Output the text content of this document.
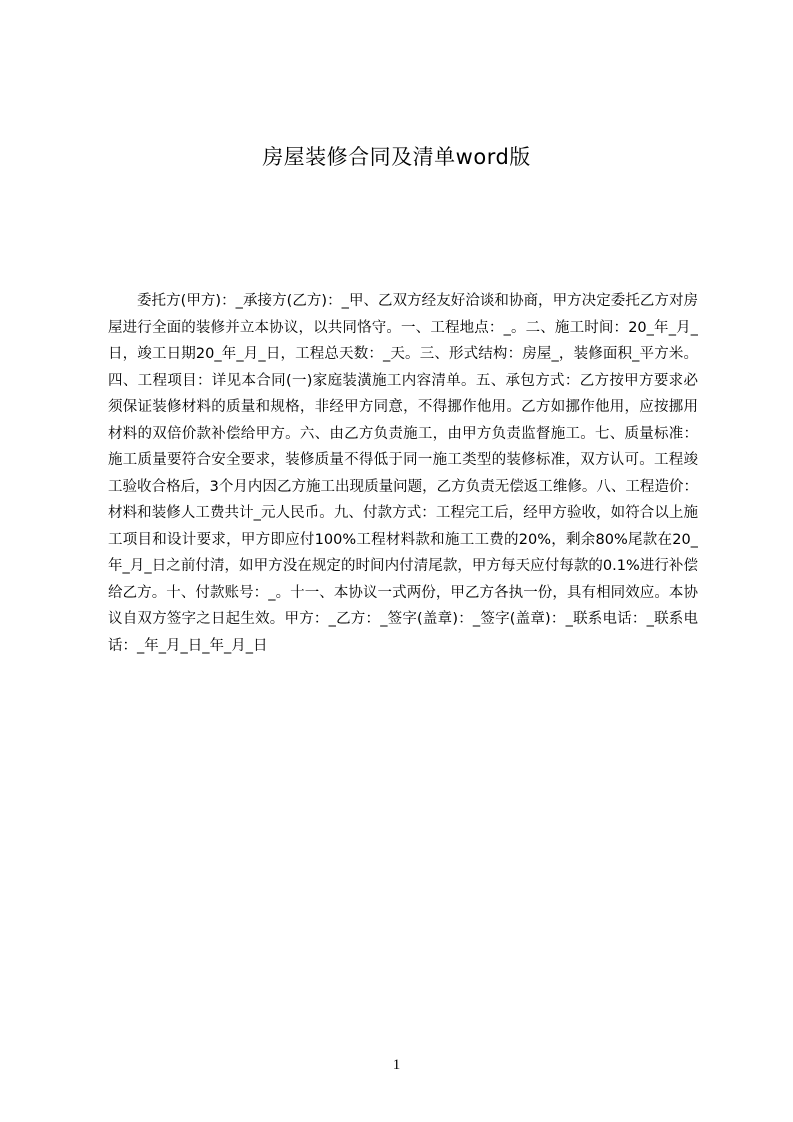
房屋装修合同及清单word版
委托方(甲方)：_承接方(乙方)：_甲、乙双方经友好洽谈和协商，甲方决定委托乙方对房屋进行全面的装修并立本协议，以共同恪守。一、工程地点：_。二、施工时间：20_年_月_日，竣工日期20_年_月_日，工程总天数：_天。三、形式结构：房屋_，装修面积_平方米。四、工程项目：详见本合同(一)家庭装潢施工内容清单。五、承包方式：乙方按甲方要求必须保证装修材料的质量和规格，非经甲方同意，不得挪作他用。乙方如挪作他用，应按挪用材料的双倍价款补偿给甲方。六、由乙方负责施工，由甲方负责监督施工。七、质量标准：施工质量要符合安全要求，装修质量不得低于同一施工类型的装修标准，双方认可。工程竣工验收合格后，3个月内因乙方施工出现质量问题，乙方负责无偿返工维修。八、工程造价：材料和装修人工费共计_元人民币。九、付款方式：工程完工后，经甲方验收，如符合以上施工项目和设计要求，甲方即应付100%工程材料款和施工工费的20%，剩余80%尾款在20_年_月_日之前付清，如甲方没在规定的时间内付清尾款，甲方每天应付每款的0.1%进行补偿给乙方。十、付款账号：_。十一、本协议一式两份，甲乙方各执一份，具有相同效应。本协议自双方签字之日起生效。甲方：_乙方：_签字(盖章)：_签字(盖章)：_联系电话：_联系电话：_年_月_日_年_月_日
1
